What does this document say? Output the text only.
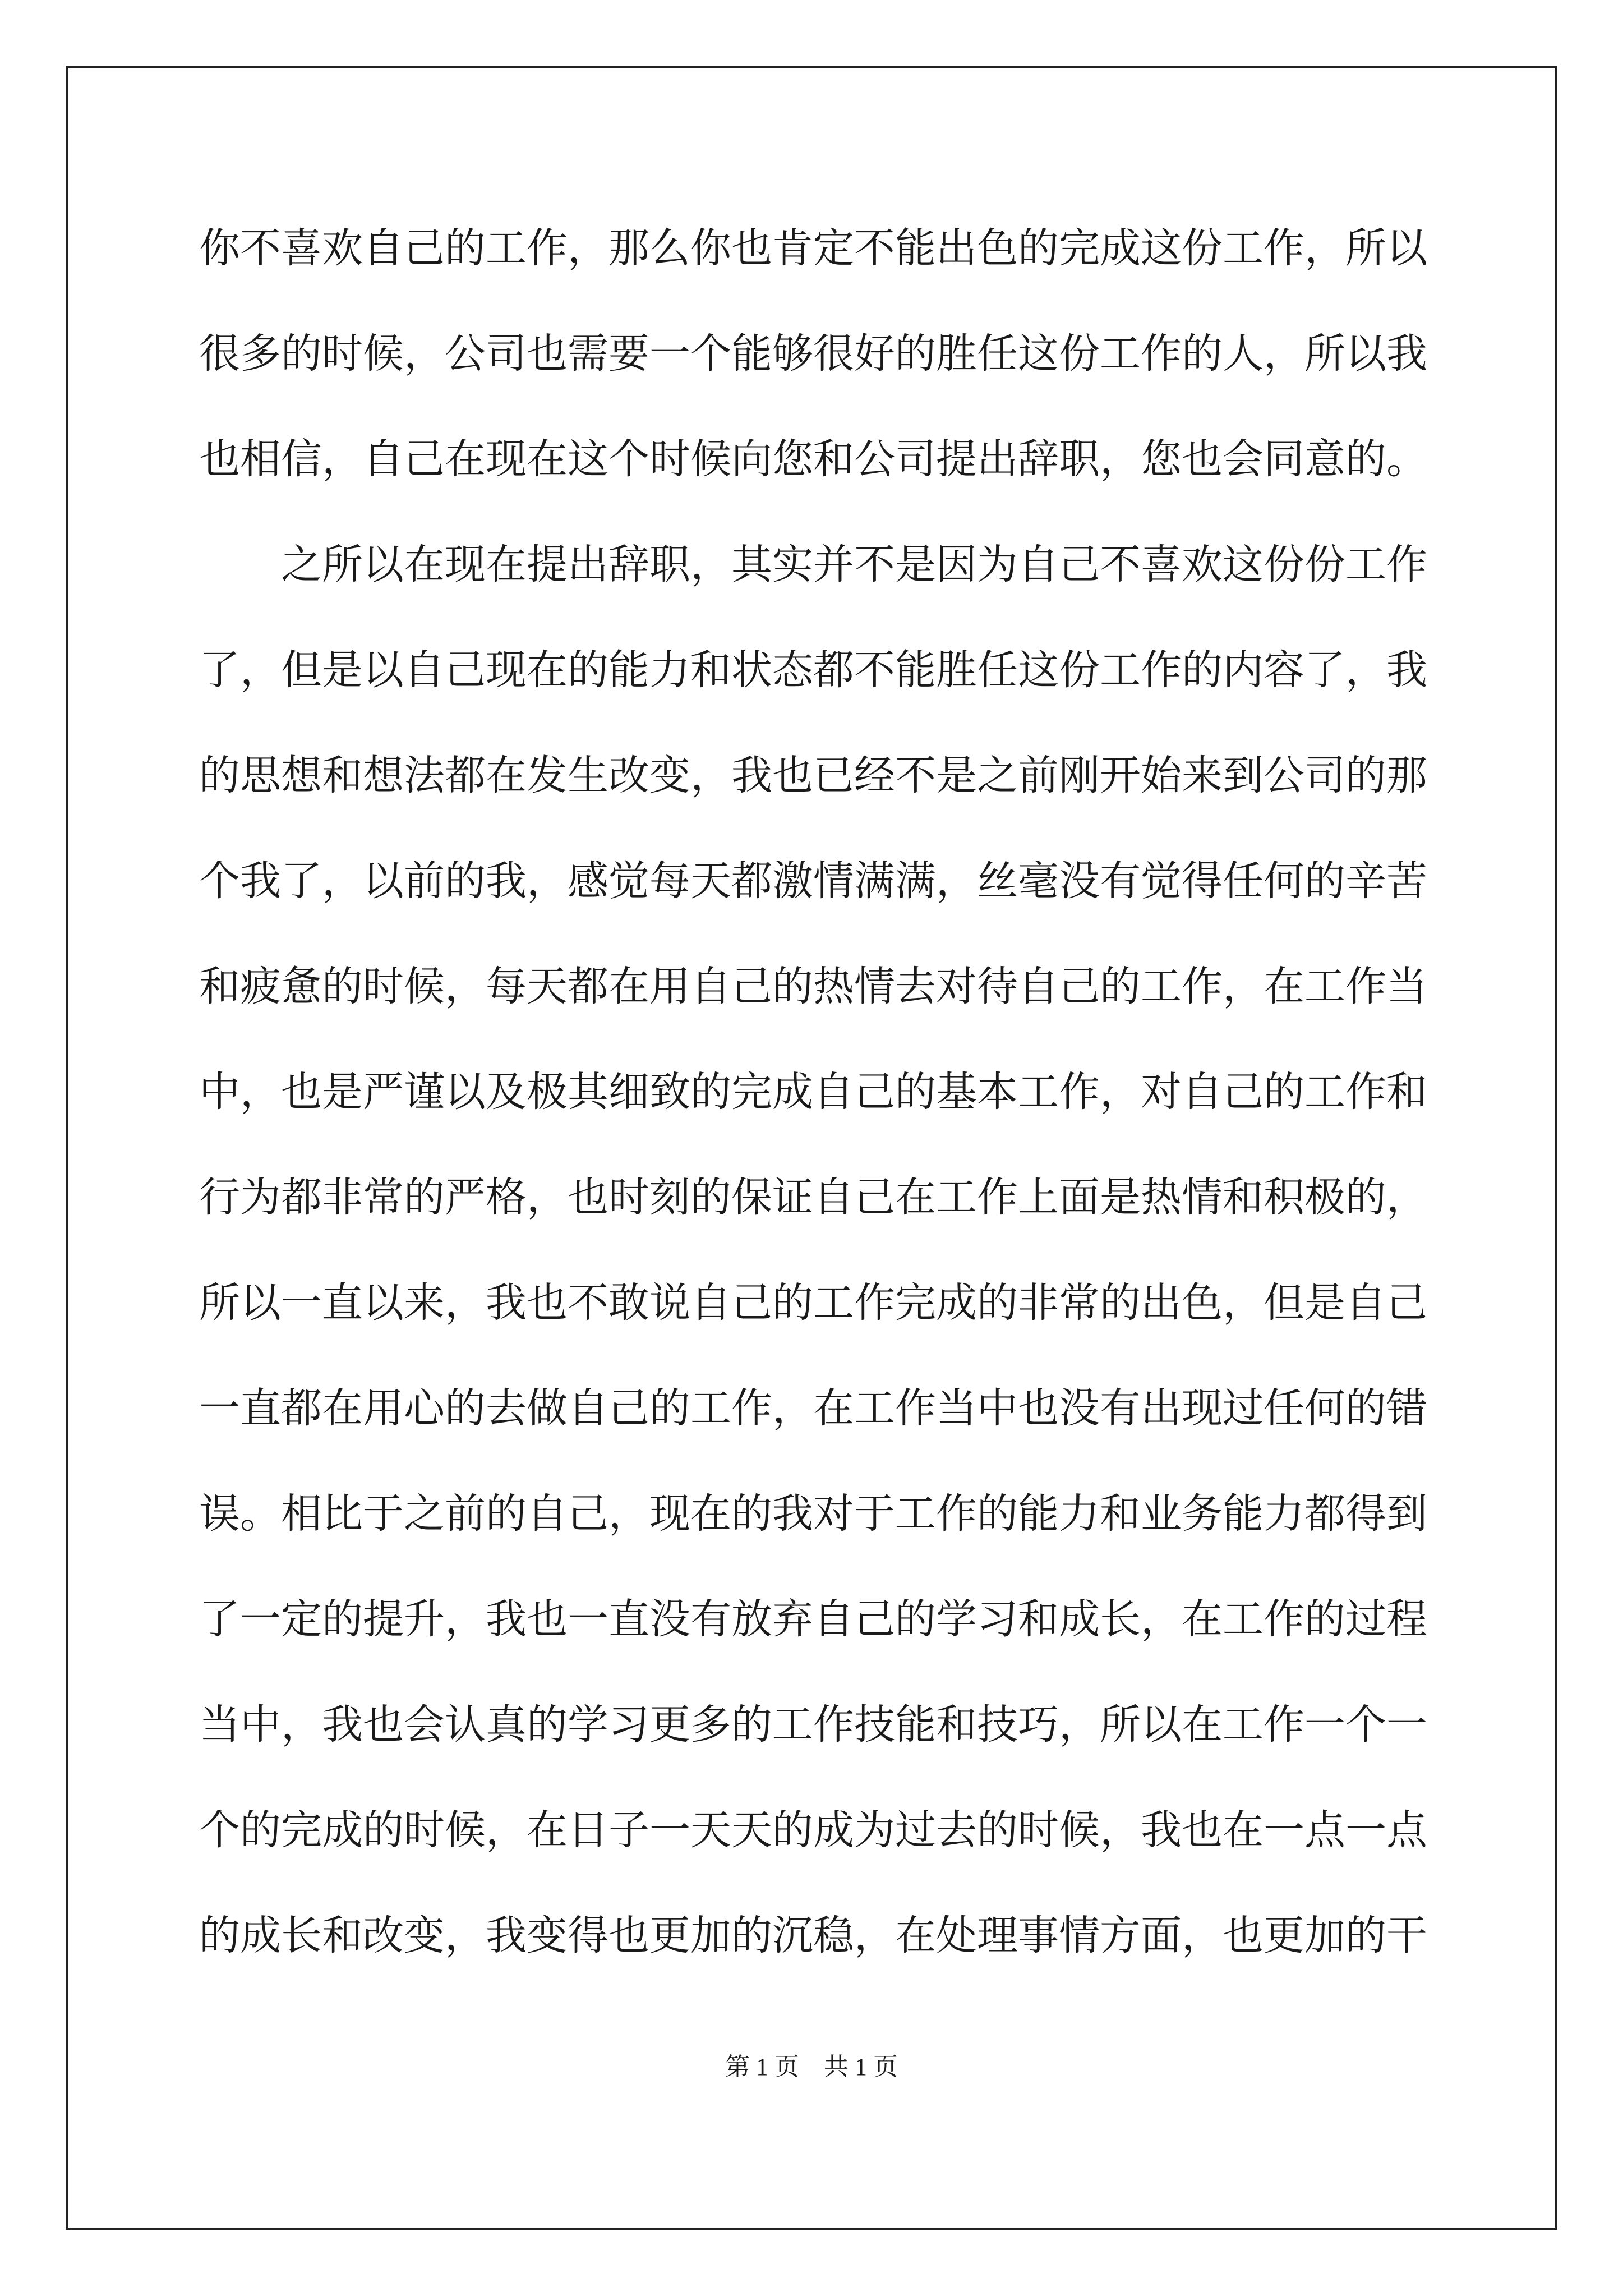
你不喜欢自己的工作，那么你也肯定不能出色的完成这份工作，所以
很多的时候，公司也需要一个能够很好的胜任这份工作的人，所以我
也相信，自己在现在这个时候向您和公司提出辞职，您也会同意的。
之所以在现在提出辞职，其实并不是因为自己不喜欢这份份工作
了，但是以自己现在的能力和状态都不能胜任这份工作的内容了，我
的思想和想法都在发生改变，我也已经不是之前刚开始来到公司的那
个我了，以前的我，感觉每天都激情满满，丝毫没有觉得任何的辛苦
和疲惫的时候，每天都在用自己的热情去对待自己的工作，在工作当
中，也是严谨以及极其细致的完成自己的基本工作，对自己的工作和
行为都非常的严格，也时刻的保证自己在工作上面是热情和积极的，
所以一直以来，我也不敢说自己的工作完成的非常的出色，但是自己
一直都在用心的去做自己的工作，在工作当中也没有出现过任何的错
误。相比于之前的自己，现在的我对于工作的能力和业务能力都得到
了一定的提升，我也一直没有放弃自己的学习和成长，在工作的过程
当中，我也会认真的学习更多的工作技能和技巧，所以在工作一个一
个的完成的时候，在日子一天天的成为过去的时候，我也在一点一点
的成长和改变，我变得也更加的沉稳，在处理事情方面，也更加的干
第 1 页　共 1 页
